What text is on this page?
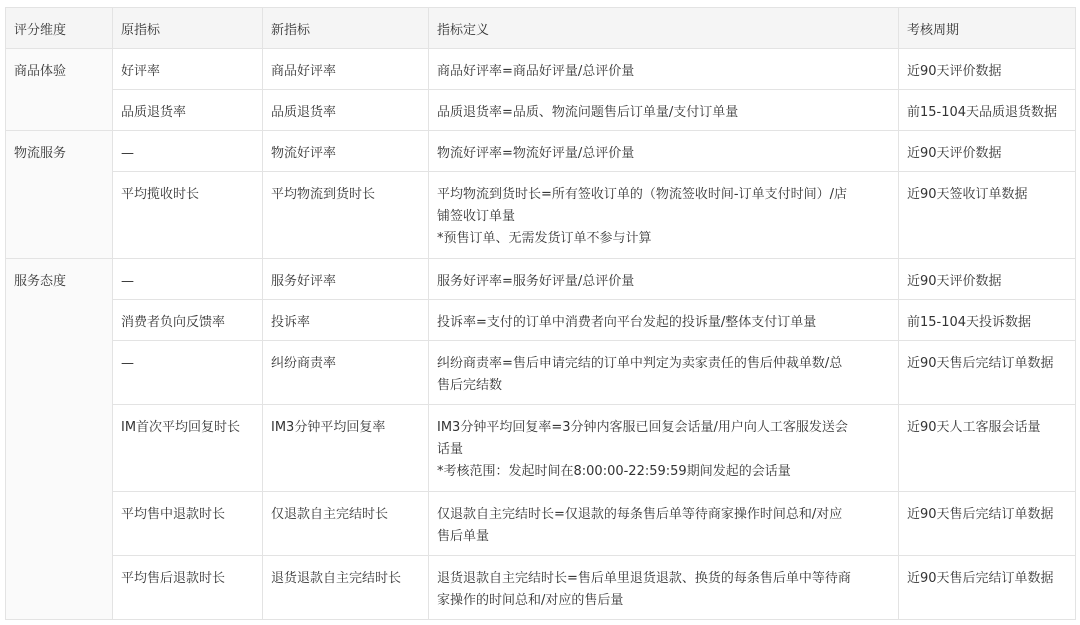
评分维度	原指标	新指标	指标定义	考核周期
商品体验	好评率	商品好评率	商品好评率=商品好评量/总评价量	近90天评价数据
	品质退货率	品质退货率	品质退货率=品质、物流问题售后订单量/支付订单量	前15-104天品质退货数据
物流服务	—	物流好评率	物流好评率=物流好评量/总评价量	近90天评价数据
	平均揽收时长	平均物流到货时长	平均物流到货时长=所有签收订单的（物流签收时间-订单支付时间）/店
铺签收订单量
*预售订单、无需发货订单不参与计算	近90天签收订单数据
服务态度	—	服务好评率	服务好评率=服务好评量/总评价量	近90天评价数据
	消费者负向反馈率	投诉率	投诉率=支付的订单中消费者向平台发起的投诉量/整体支付订单量	前15-104天投诉数据
	—	纠纷商责率	纠纷商责率=售后申请完结的订单中判定为卖家责任的售后仲裁单数/总
售后完结数	近90天售后完结订单数据
	IM首次平均回复时长	IM3分钟平均回复率	IM3分钟平均回复率=3分钟内客服已回复会话量/用户向人工客服发送会
话量
*考核范围：发起时间在8:00:00-22:59:59期间发起的会话量	近90天人工客服会话量
	平均售中退款时长	仅退款自主完结时长	仅退款自主完结时长=仅退款的每条售后单等待商家操作时间总和/对应
售后单量	近90天售后完结订单数据
	平均售后退款时长	退货退款自主完结时长	退货退款自主完结时长=售后单里退货退款、换货的每条售后单中等待商
家操作的时间总和/对应的售后量	近90天售后完结订单数据
